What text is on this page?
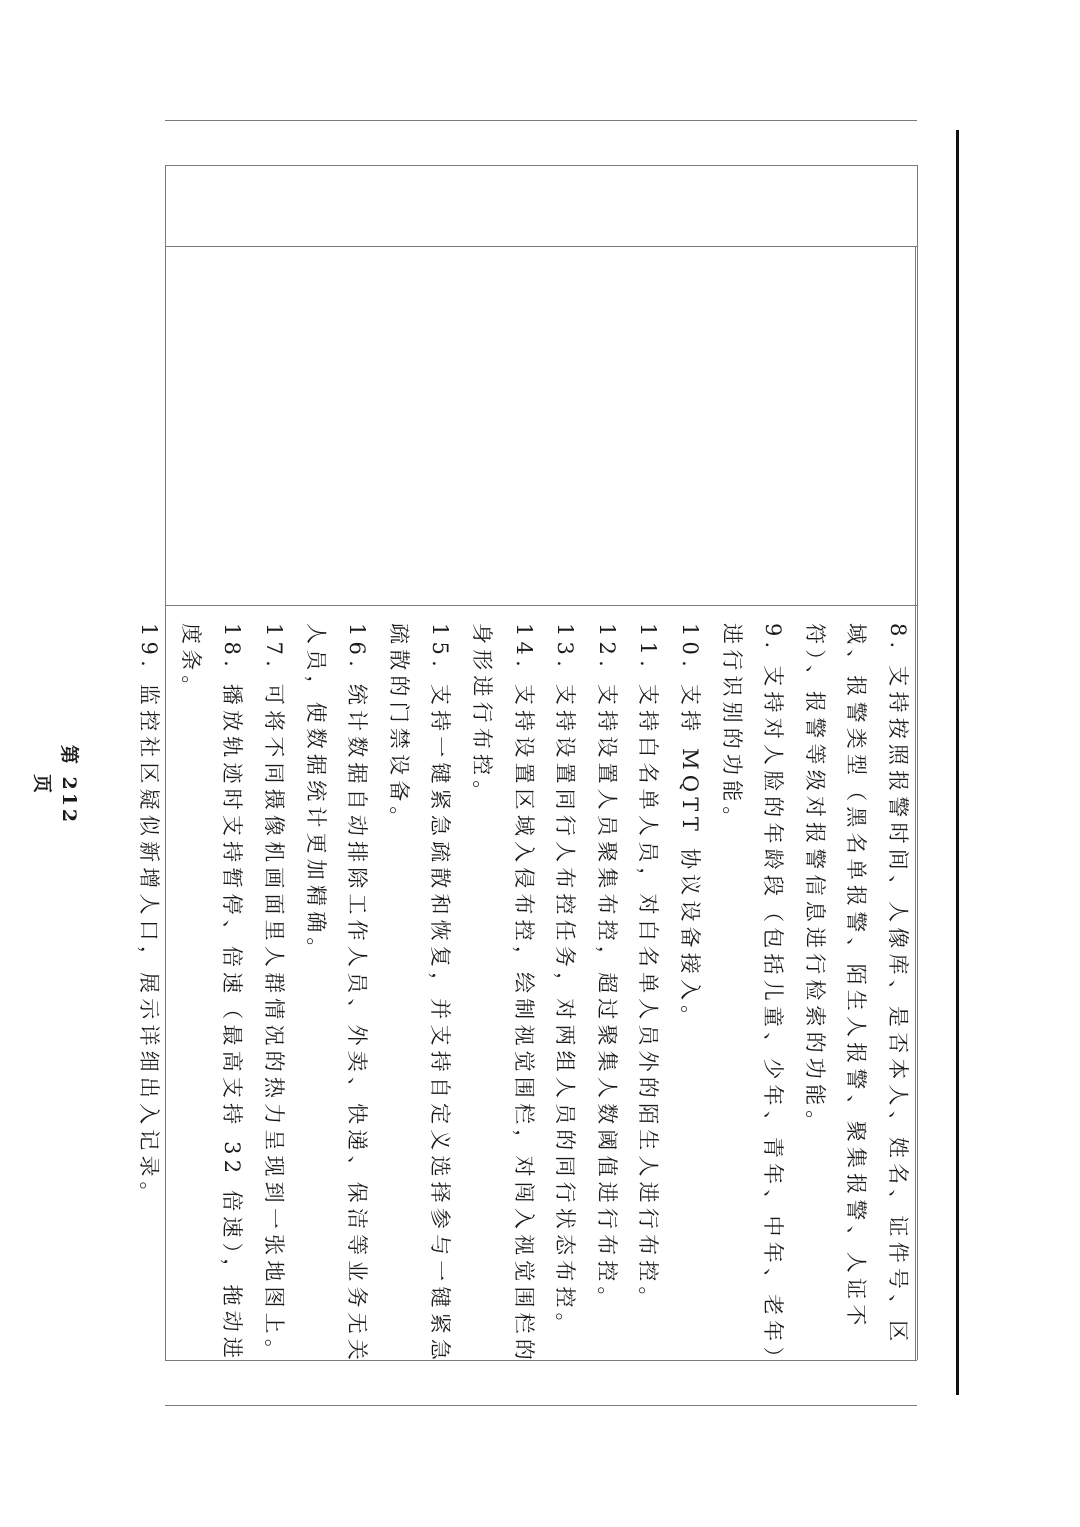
8. 支持按照报警时间、人像库、是否本人、姓名、证件号、区域、报警类型（黑名单报警、陌生人报警、聚集报警、人证不符）、报警等级对报警信息进行检索的功能。
9. 支持对人脸的年龄段（包括儿童、少年、青年、中年、老年）进行识别的功能。
10. 支持 MQTT 协议设备接入。
11. 支持白名单人员，对白名单人员外的陌生人进行布控。
12. 支持设置人员聚集布控，超过聚集人数阈值进行布控。
13. 支持设置同行人布控任务，对两组人员的同行状态布控。
14. 支持设置区域入侵布控，绘制视觉围栏，对闯入视觉围栏的身形进行布控。
15. 支持一键紧急疏散和恢复，并支持自定义选择参与一键紧急疏散的门禁设备。
16. 统计数据自动排除工作人员、外卖、快递、保洁等业务无关人员，使数据统计更加精确。
17. 可将不同摄像机画面里人群情况的热力呈现到一张地图上。
18. 播放轨迹时支持暂停、倍速（最高支持 32 倍速），拖动进度条。
19. 监控社区疑似新增人口，展示详细出入记录。
第 212 页
